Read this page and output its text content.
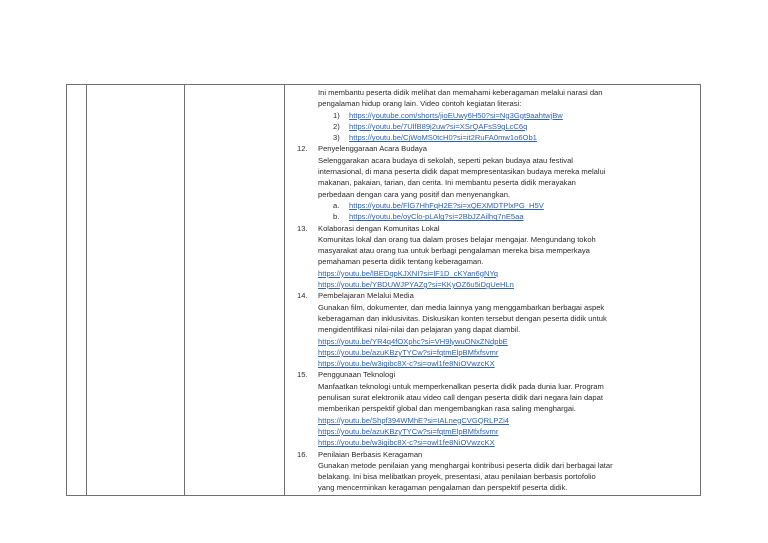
Ini membantu peserta didik melihat dan memahami keberagaman melalui narasi dan
pengalaman hidup orang lain. Video contoh kegiatan literasi:
1) https://youtube.com/shorts/jioEUwy6H50?si=Ng3Ggt9aahtwjBw
2) https://youtu.be/7UlfB89j2uw?si=XSrQAFsS9gLcC6q
3) https://youtu.be/CjWoMS0tcH0?si=it2RuFA0mw1o6Ob1
12. Penyelenggaraan Acara Budaya
Selenggarakan acara budaya di sekolah, seperti pekan budaya atau festival
internasional, di mana peserta didik dapat mempresentasikan budaya mereka melalui
makanan, pakaian, tarian, dan cerita. Ini membantu peserta didik merayakan
perbedaan dengan cara yang positif dan menyenangkan.
a. https://youtu.be/FlG7HhFqH2E?si=xQEXMDTPlxPG_H5V
b. https://youtu.be/oyClo-pLAlg?si=2BbJZAilhq7nE5aa
13. Kolaborasi dengan Komunitas Lokal
Komunitas lokal dan orang tua dalam proses belajar mengajar. Mengundang tokoh
masyarakat atau orang tua untuk berbagi pengalaman mereka bisa memperkaya
pemahaman peserta didik tentang keberagaman.
https://youtu.be/lBEDqpKJXNI?si=lF1D_cKYan6gNYq
https://youtu.be/YBDUWJPYAZg?si=KKyOZ6u5iDgUeHLn
14. Pembelajaran Melalui Media
Gunakan film, dokumenter, dan media lainnya yang menggambarkan berbagai aspek
keberagaman dan inklusivitas. Diskusikan konten tersebut dengan peserta didik untuk
mengidentifikasi nilai-nilai dan pelajaran yang dapat diambil.
https://youtu.be/YR4q4fOXphc?si=VH9lywuONxZNdpbE
https://youtu.be/azuKBzyTYCw?si=fqtmElpBMfxfsvmr
https://youtu.be/w3igibc8X-c?si=owl1fe8NiOVwzcKX
15. Penggunaan Teknologi
Manfaatkan teknologi untuk memperkenalkan peserta didik pada dunia luar. Program
penulisan surat elektronik atau video call dengan peserta didik dari negara lain dapat
memberikan perspektif global dan mengembangkan rasa saling menghargai.
https://youtu.be/Shpf394WMhE?si=IALnegCVGQRLPZi4
https://youtu.be/azuKBzyTYCw?si=fqtmElpBMfxfsvmr
https://youtu.be/w3igibc8X-c?si=owl1fe8NiOVwzcKX
16. Penilaian Berbasis Keragaman
Gunakan metode penilaian yang menghargai kontribusi peserta didik dari berbagai latar
belakang. Ini bisa melibatkan proyek, presentasi, atau penilaian berbasis portofolio
yang mencerminkan keragaman pengalaman dan perspektif peserta didik.
